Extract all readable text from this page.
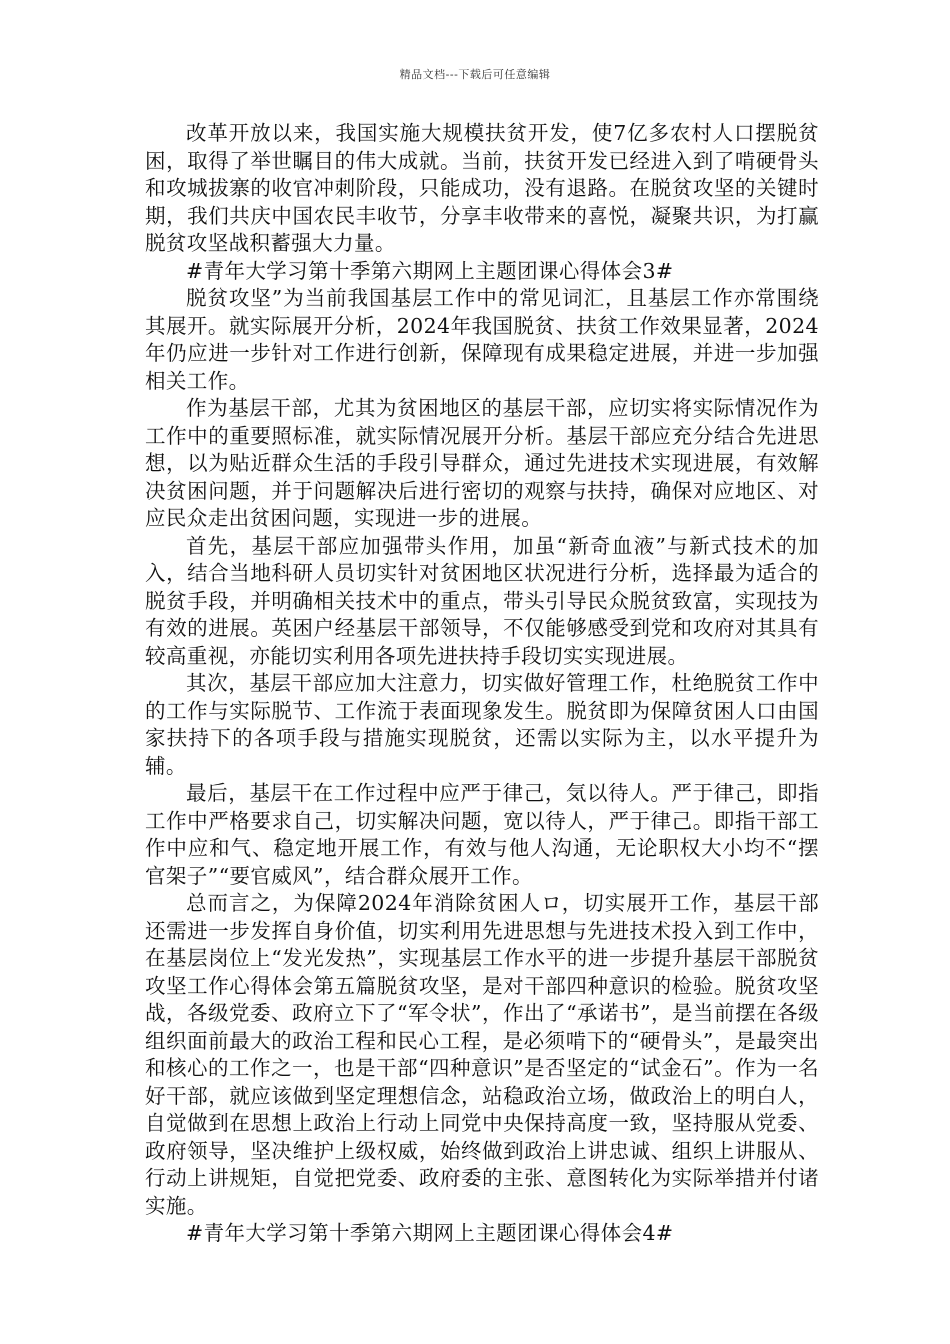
精品文档---下载后可任意编辑

改革开放以来，我国实施大规模扶贫开发，使7亿多农村人口摆脱贫困，取得了举世瞩目的伟大成就。当前，扶贫开发已经进入到了啃硬骨头和攻城拔寨的收官冲刺阶段，只能成功，没有退路。在脱贫攻坚的关键时期，我们共庆中国农民丰收节，分享丰收带来的喜悦，凝聚共识，为打赢脱贫攻坚战积蓄强大力量。

#青年大学习第十季第六期网上主题团课心得体会3#

脱贫攻坚”为当前我国基层工作中的常见词汇，且基层工作亦常围绕其展开。就实际展开分析，2024年我国脱贫、扶贫工作效果显著，2024年仍应进一步针对工作进行创新，保障现有成果稳定进展，并进一步加强相关工作。

作为基层干部，尤其为贫困地区的基层干部，应切实将实际情况作为工作中的重要照标准，就实际情况展开分析。基层干部应充分结合先进思想，以为贴近群众生活的手段引导群众，通过先进技术实现进展，有效解决贫困问题，并于问题解决后进行密切的观察与扶持，确保对应地区、对应民众走出贫困问题，实现进一步的进展。

首先，基层干部应加强带头作用，加虽“新奇血液”与新式技术的加入，结合当地科研人员切实针对贫困地区状况进行分析，选择最为适合的脱贫手段，并明确相关技术中的重点，带头引导民众脱贫致富，实现技为有效的进展。英困户经基层干部领导，不仅能够感受到党和攻府对其具有较高重视，亦能切实利用各项先进扶持手段切实实现进展。

其次，基层干部应加大注意力，切实做好管理工作，杜绝脱贫工作中的工作与实际脱节、工作流于表面现象发生。脱贫即为保障贫困人口由国家扶持下的各项手段与措施实现脱贫，还需以实际为主，以水平提升为辅。

最后，基层干在工作过程中应严于律己，気以待人。严于律己，即指工作中严格要求自己，切实解决问题，宽以待人，严于律己。即指干部工作中应和气、稳定地开展工作，有效与他人沟通，无论职权大小均不“摆官架子”“要官威风”，结合群众展开工作。

总而言之，为保障2024年消除贫困人ロ，切实展开工作，基层干部还需进一步发挥自身价值，切实利用先进思想与先进技术投入到工作中，在基层岗位上“发光发热”，实现基层工作水平的进一步提升基层干部脱贫攻坚工作心得体会第五篇脱贫攻坚，是对干部四种意识的检验。脱贫攻坚战，各级党委、政府立下了“军令状”，作出了“承诺书”，是当前摆在各级组织面前最大的政治工程和民心工程，是必须啃下的“硬骨头”，是最突出和核心的工作之一，也是干部“四种意识”是否坚定的“试金石”。作为一名好干部，就应该做到坚定理想信念，站稳政治立场，做政治上的明白人，自觉做到在思想上政治上行动上同党中央保持高度一致，坚持服从党委、政府领导，坚决维护上级权威，始终做到政治上讲忠诚、组织上讲服从、行动上讲规矩，自觉把党委、政府委的主张、意图转化为实际举措并付诸实施。

#青年大学习第十季第六期网上主题团课心得体会4#
